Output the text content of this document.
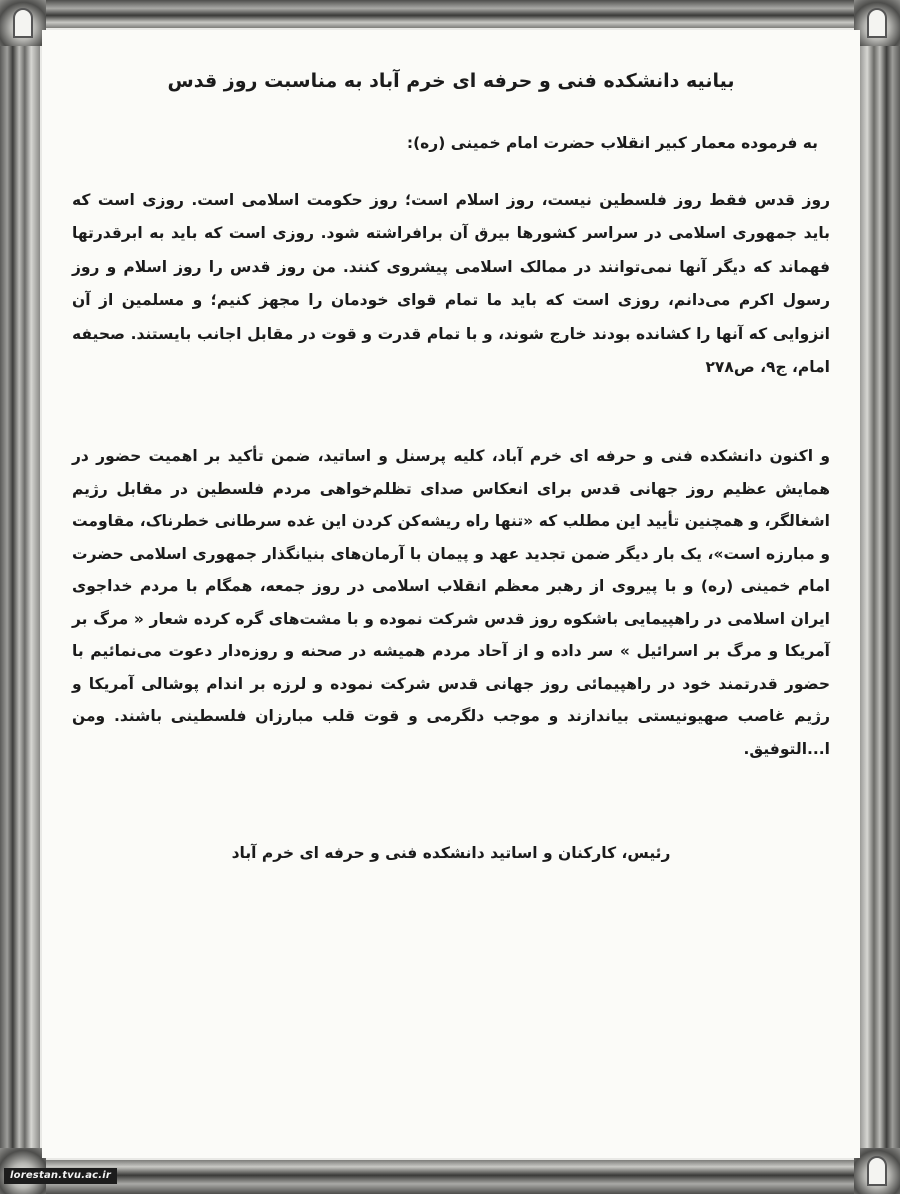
بیانیه دانشکده فنی و حرفه ای خرم آباد به مناسبت روز قدس
به فرموده معمار کبیر انقلاب حضرت امام خمینی (ره):
روز قدس فقط روز فلسطین نیست، روز اسلام است؛ روز حکومت اسلامی است. روزی است که باید جمهوری اسلامی در سراسر کشورها بیرق آن برافراشته شود. روزی است که باید به ابرقدرتها فهماند که دیگر آنها نمی‌توانند در ممالک اسلامی پیشروی کنند. من روز قدس را روز اسلام و روز رسول اکرم می‌دانم، روزی است که باید ما تمام قوای خودمان را مجهز کنیم؛ و مسلمین از آن انزوایی که آنها را کشانده بودند خارج شوند، و با تمام قدرت و قوت در مقابل اجانب بایستند. صحیفه امام، ج۹، ص۲۷۸
و اکنون دانشکده فنی و حرفه ای خرم آباد، کلیه پرسنل و اساتید، ضمن تأکید بر اهمیت حضور در همایش عظیم روز جهانی قدس برای انعکاس صدای تظلم‌خواهی مردم فلسطین در مقابل رژیم اشغالگر، و همچنین تأیید این مطلب که «تنها راه ریشه‌کن کردن این غده سرطانی خطرناک، مقاومت و مبارزه است»، یک بار دیگر ضمن تجدید عهد و پیمان با آرمان‌های بنیانگذار جمهوری اسلامی حضرت امام خمینی (ره) و با پیروی از رهبر معظم انقلاب اسلامی در روز جمعه، همگام با مردم خداجوی ایران اسلامی در راهپیمایی باشکوه روز قدس شرکت نموده و با مشت‌های گره کرده شعار « مرگ بر آمریکا و مرگ بر اسرائیل » سر داده و از آحاد مردم همیشه در صحنه و روزه‌دار دعوت می‌نمائیم با حضور قدرتمند خود در راهپیمائی روز جهانی قدس شرکت نموده و لرزه بر اندام پوشالی آمریکا و رژیم غاصب صهیونیستی بیاندازند و موجب دلگرمی و قوت قلب مبارزان فلسطینی باشند. ومن ا...التوفیق.
رئیس، کارکنان و اساتید دانشکده فنی و حرفه ای خرم آباد
lorestan.tvu.ac.ir
